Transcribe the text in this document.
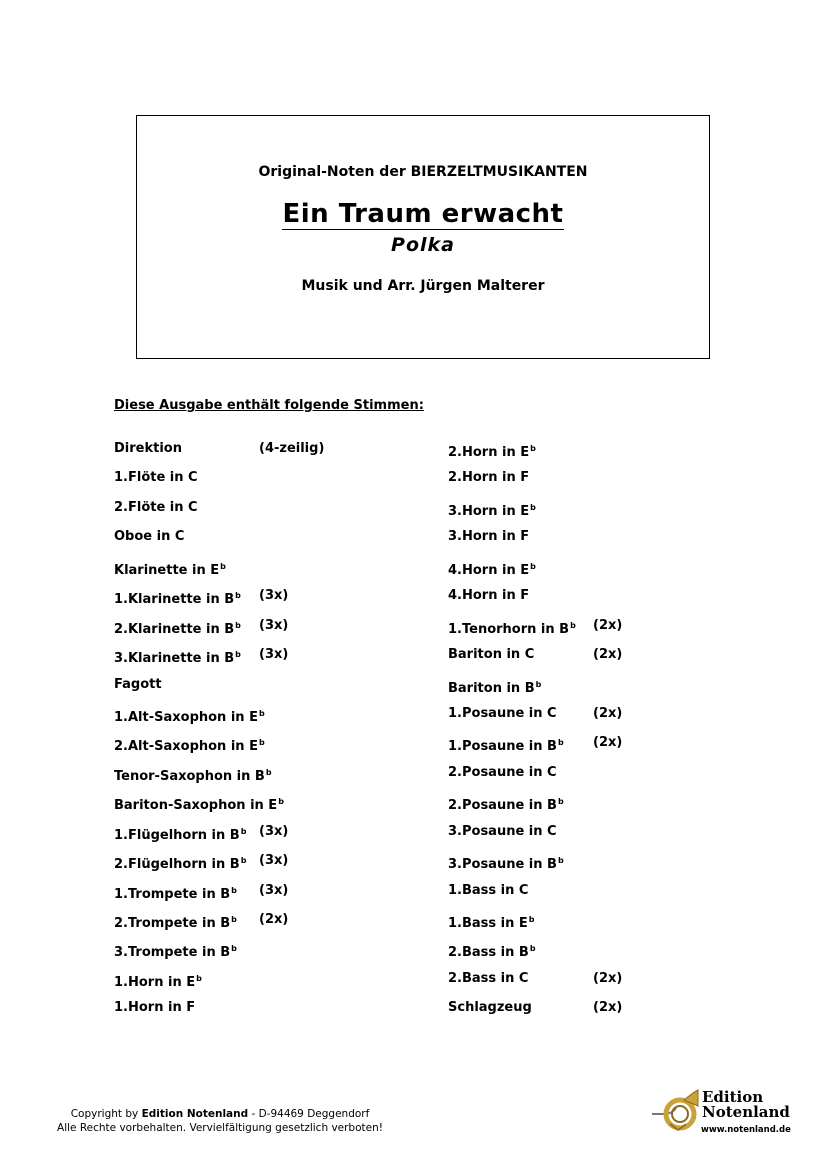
Original-Noten der BIERZELTMUSIKANTEN
Ein Traum erwacht
Polka
Musik und Arr. Jürgen Malterer
Diese Ausgabe enthält folgende Stimmen:
Direktion	(4-zeilig)
1.Flöte in C
2.Flöte in C
Oboe in C
Klarinette in $E^b$
1.Klarinette in $B^b$ (3x)
2.Klarinette in $B^b$ (3x)
3.Klarinette in $B^b$ (3x)
Fagott
1.Alt-Saxophon in $E^b$
2.Alt-Saxophon in $E^b$
Tenor-Saxophon in $B^b$
Bariton-Saxophon in $E^b$
1.Flügelhorn in $B^b$ (3x)
2.Flügelhorn in $B^b$ (3x)
1.Trompete in $B^b$ (3x)
2.Trompete in $B^b$ (2x)
3.Trompete in $B^b$
1.Horn in $E^b$
1.Horn in F
2.Horn in $E^b$
2.Horn in F
3.Horn in $E^b$
3.Horn in F
4.Horn in $E^b$
4.Horn in F
1.Tenorhorn in $B^b$ (2x)
Bariton in C	(2x)
Bariton in $B^b$
1.Posaune in C	(2x)
1.Posaune in $B^b$ (2x)
2.Posaune in C
2.Posaune in $B^b$
3.Posaune in C
3.Posaune in $B^b$
1.Bass in C
1.Bass in $E^b$
2.Bass in $B^b$
2.Bass in C	(2x)
Schlagzeug	(2x)
Copyright by Edition Notenland - D-94469 Deggendorf
Alle Rechte vorbehalten. Vervielfältigung gesetzlich verboten!
Edition
Notenland
www.notenland.de
